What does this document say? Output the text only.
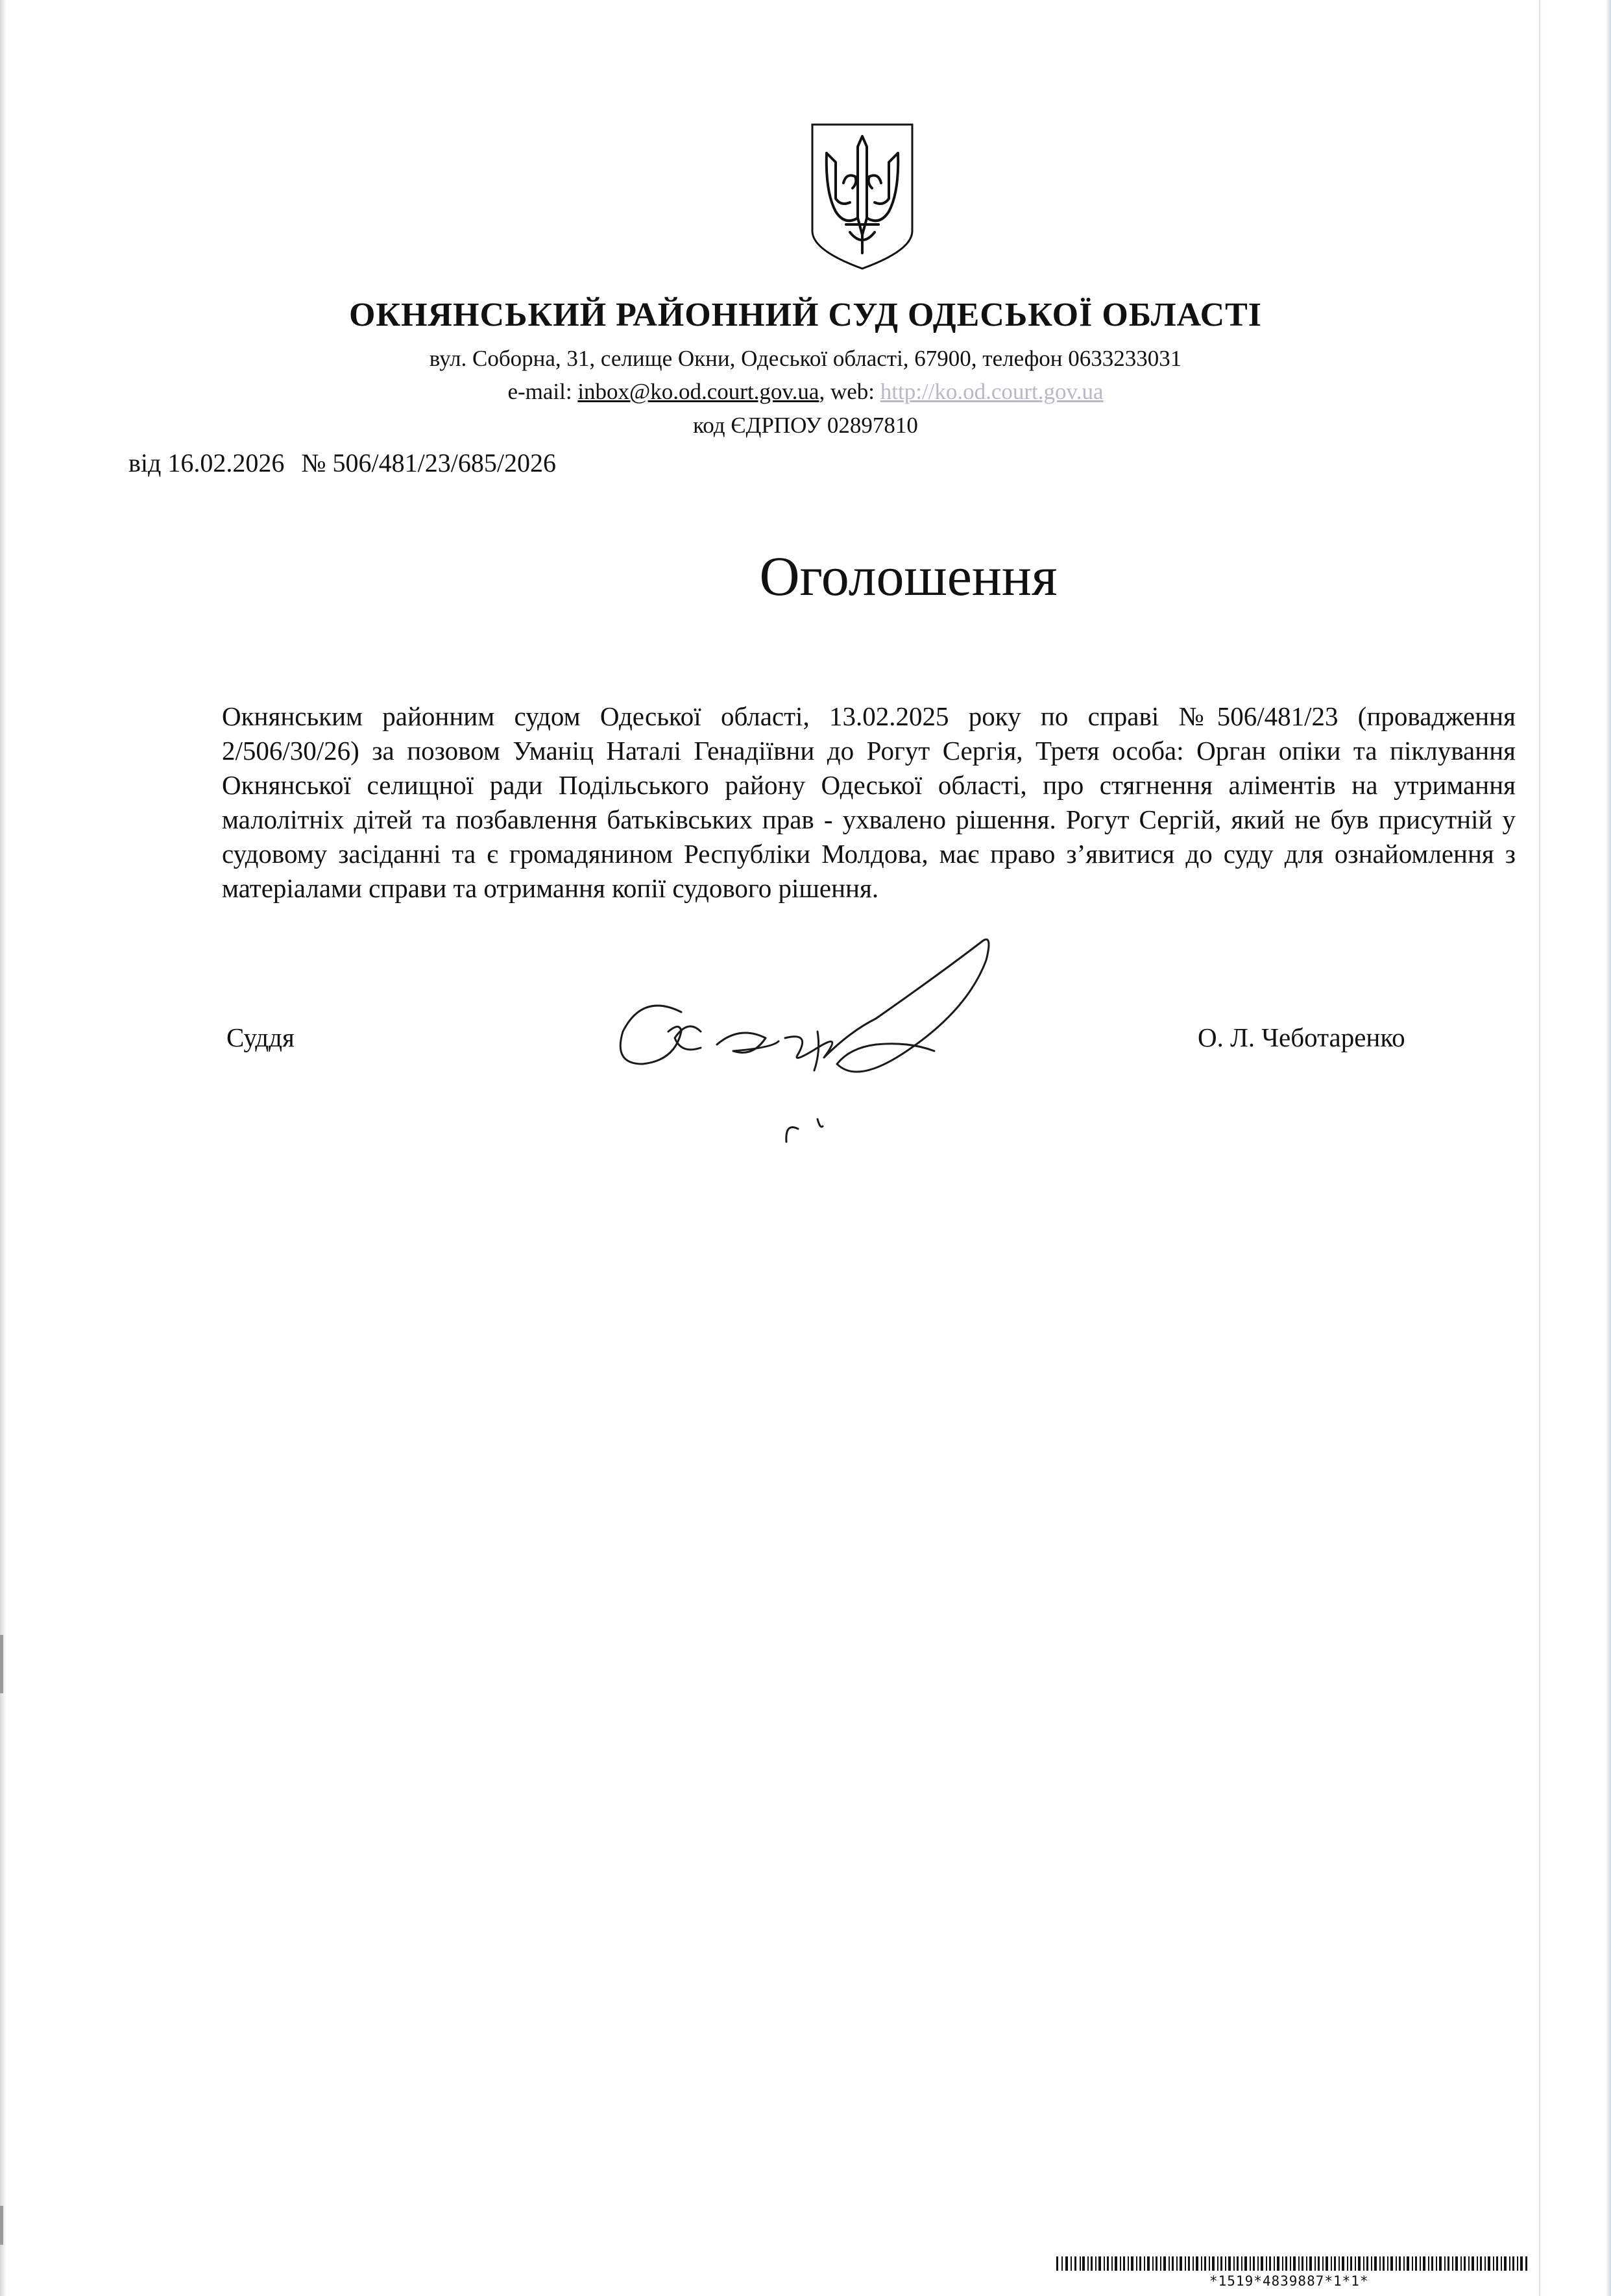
ОКНЯНСЬКИЙ РАЙОННИЙ СУД ОДЕСЬКОЇ ОБЛАСТІ

вул. Соборна, 31, селище Окни, Одеської області, 67900, телефон 0633233031

e-mail: inbox@ko.od.court.gov.ua, web: http://ko.od.court.gov.ua

код ЄДРПОУ 02897810

від 16.02.2026 № 506/481/23/685/2026

Оголошення

Окнянським районним судом Одеської області, 13.02.2025 року по справі №506/481/23 (провадження 2/506/30/26) за позовом Уманіц Наталі Генадіївни до Рогут Сергія, Третя особа: Орган опіки та піклування Окнянської селищної ради Подільського району Одеської області, про стягнення аліментів на утримання малолітніх дітей та позбавлення батьківських прав - ухвалено рішення. Рогут Сергій, який не був присутній у судовому засіданні та є громадянином Республіки Молдова, має право з’явитися до суду для ознайомлення з матеріалами справи та отримання копії судового рішення.

Суддя	О. Л. Чеботаренко

*1519*4839887*1*1*
